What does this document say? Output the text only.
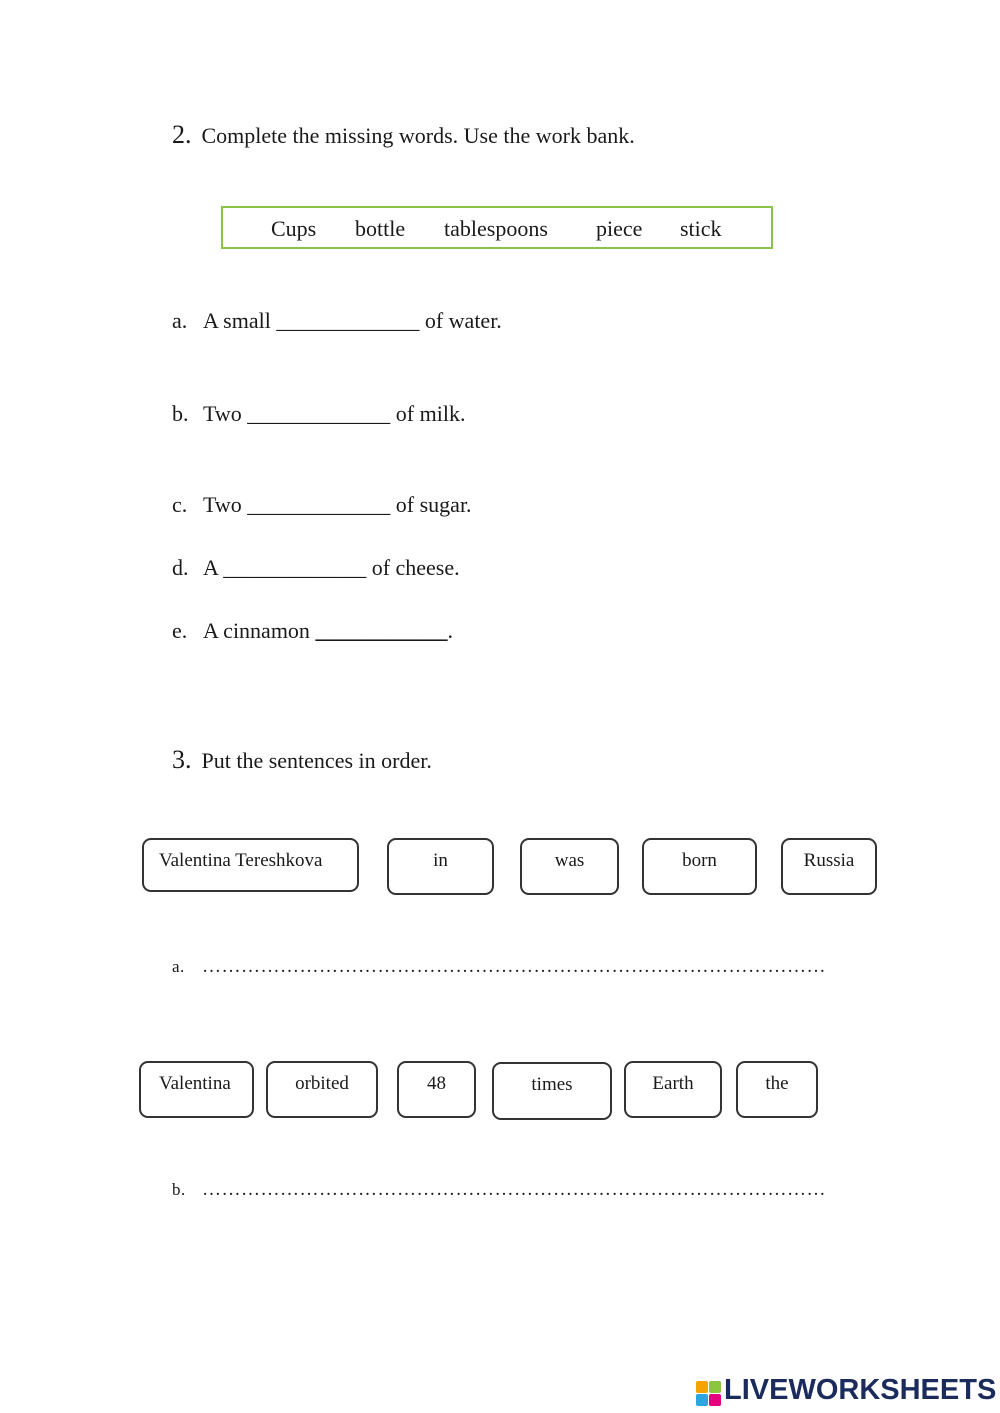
2. Complete the missing words. Use the work bank.
Cups bottle tablespoons piece stick
a. A small _____________ of water.
b. Two _____________ of milk.
c. Two _____________ of sugar.
d. A _____________ of cheese.
e. A cinnamon ____________.
3. Put the sentences in order.
Valentina Tereshkova	in	was	born	Russia
a. ……………………………………………………………………………………
Valentina	orbited	48	times	Earth	the
b. ……………………………………………………………………………………
LIVEWORKSHEETS
